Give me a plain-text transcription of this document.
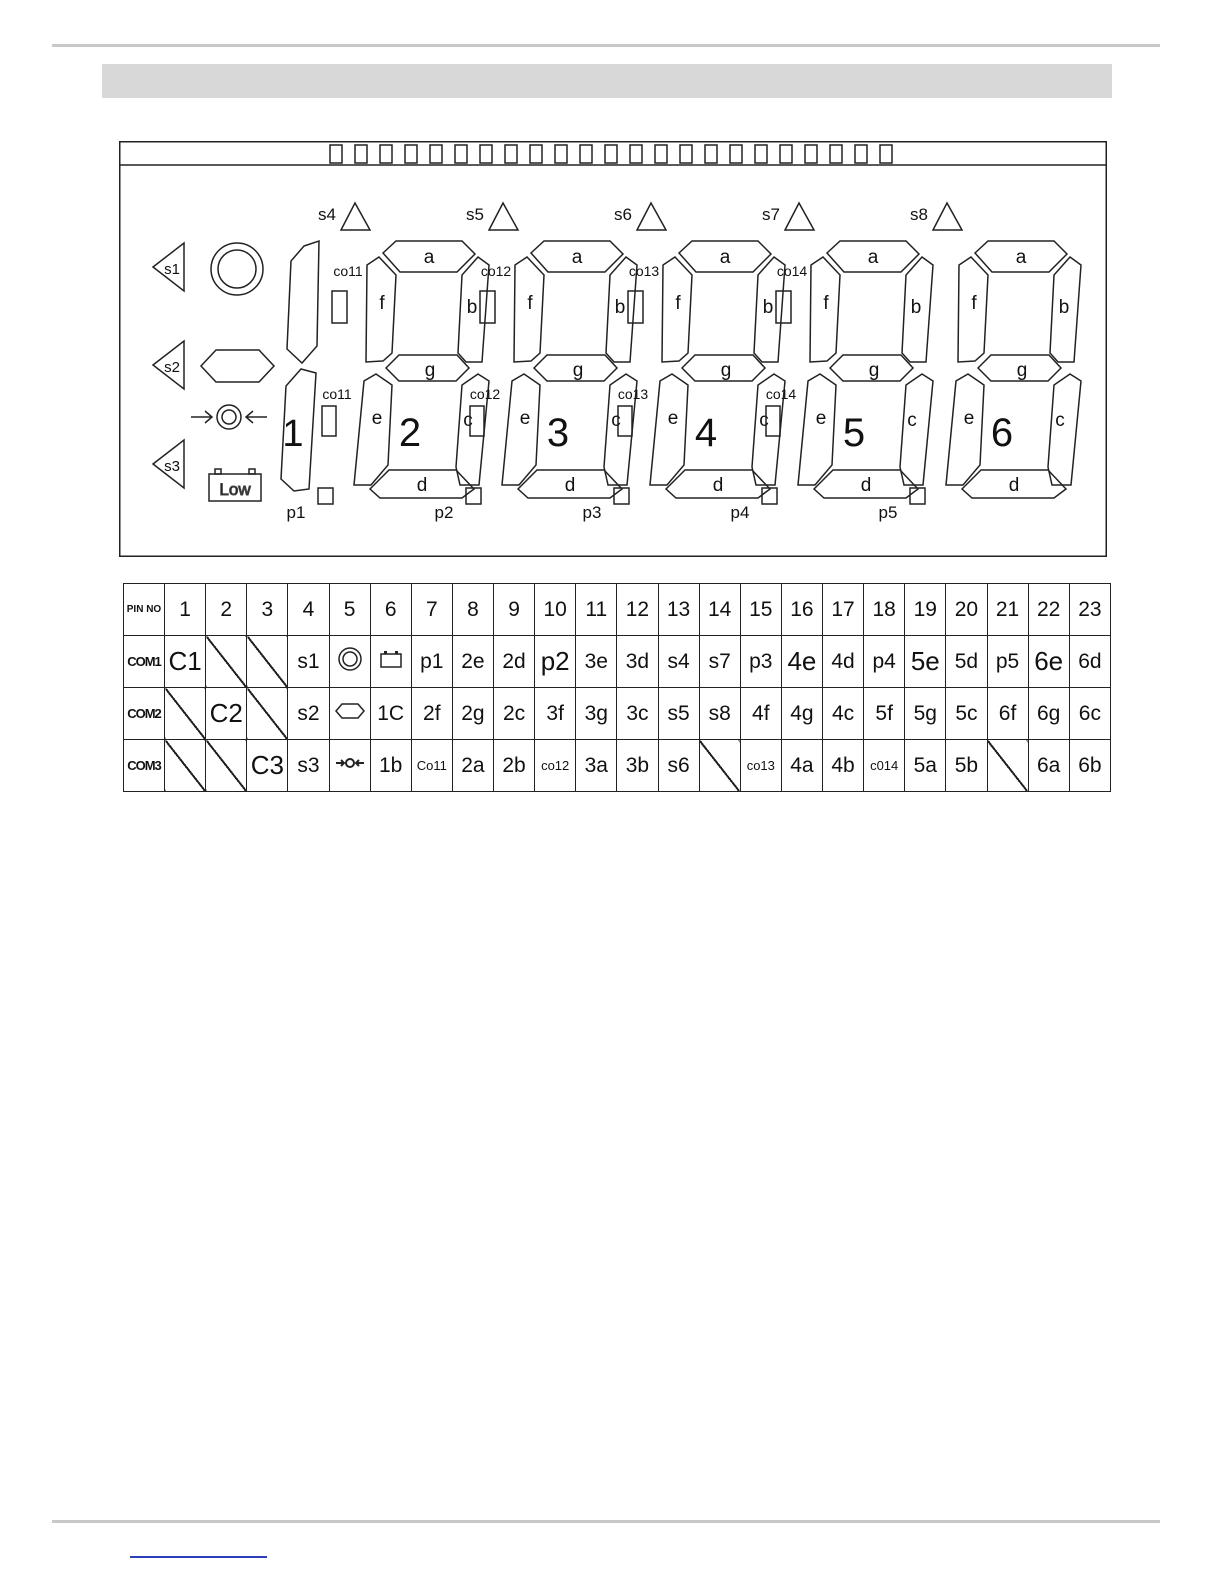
s1
s2
s3
Low
1
a
b
c
d
e
f
g
2
co11
co11
p1
a
b
c
d
e
f
g
3
co12
co12
p2
a
b
c
d
e
f
g
4
co13
co13
p3
a
b
c
d
e
f
g
5
co14
co14
p4
a
b
c
d
e
f
g
6
p5
s4	s5	s6	s7	s8
PIN NO	1	2	3	4	5	6	7	8	9	10	11	12	13	14	15	16	17	18	19	20	21	22	23
COM1	C1			s1			p1	2e	2d	p2	3e	3d	s4	s7	p3	4e	4d	p4	5e	5d	p5	6e	6d
COM2		C2		s2		1C	2f	2g	2c	3f	3g	3c	s5	s8	4f	4g	4c	5f	5g	5c	6f	6g	6c
COM3			C3	s3		1b	Co11	2a	2b	co12	3a	3b	s6		co13	4a	4b	c014	5a	5b		6a	6b
